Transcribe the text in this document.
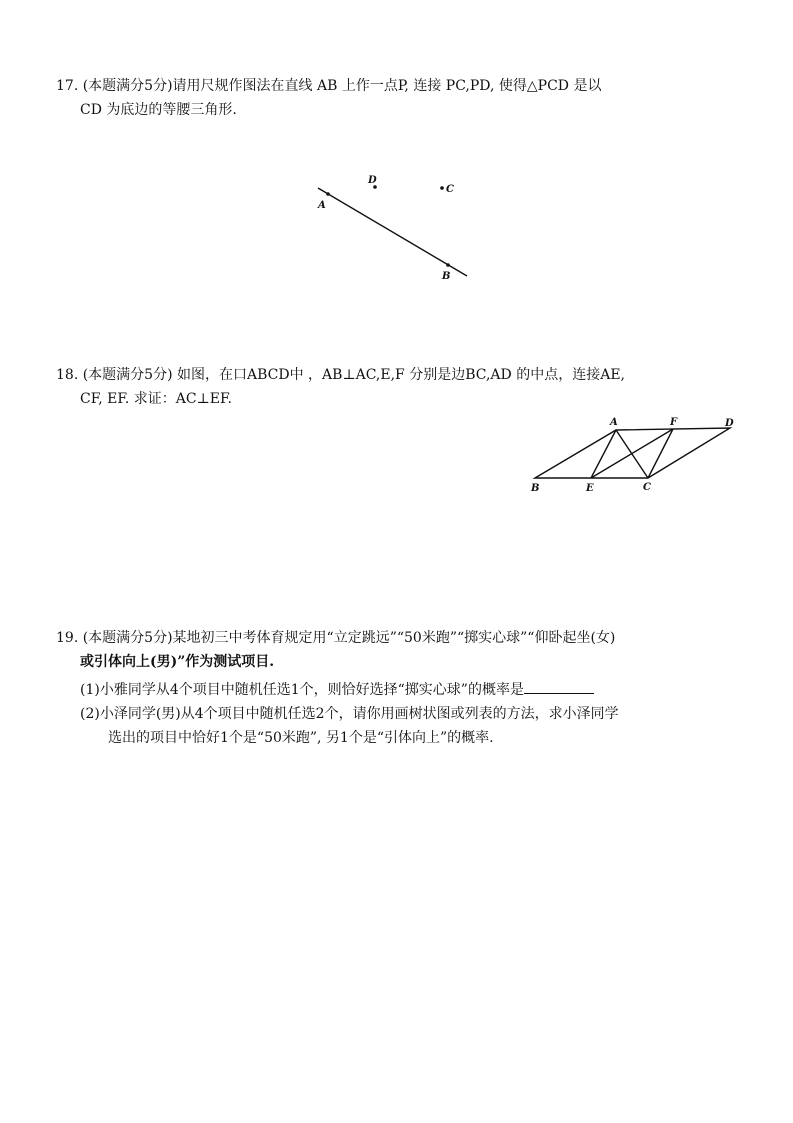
17. (本题满分5分)请用尺规作图法在直线 AB 上作一点P, 连接 PC,PD, 使得△PCD 是以
CD 为底边的等腰三角形.
A
B
D
C
18. (本题满分5分) 如图，在口ABCD中 ，AB⊥AC,E,F 分别是边BC,AD 的中点，连接AE,
CF, EF. 求证：AC⊥EF.
A	F	D
B	E	C
19. (本题满分5分)某地初三中考体育规定用“立定跳远”“50米跑”“掷实心球”“仰卧起坐(女)
或引体向上(男)”作为测试项目.
(1)小雅同学从4个项目中随机任选1个，则恰好选择“掷实心球”的概率是
(2)小泽同学(男)从4个项目中随机任选2个，请你用画树状图或列表的方法，求小泽同学
选出的项目中恰好1个是“50米跑”, 另1个是“引体向上”的概率.
